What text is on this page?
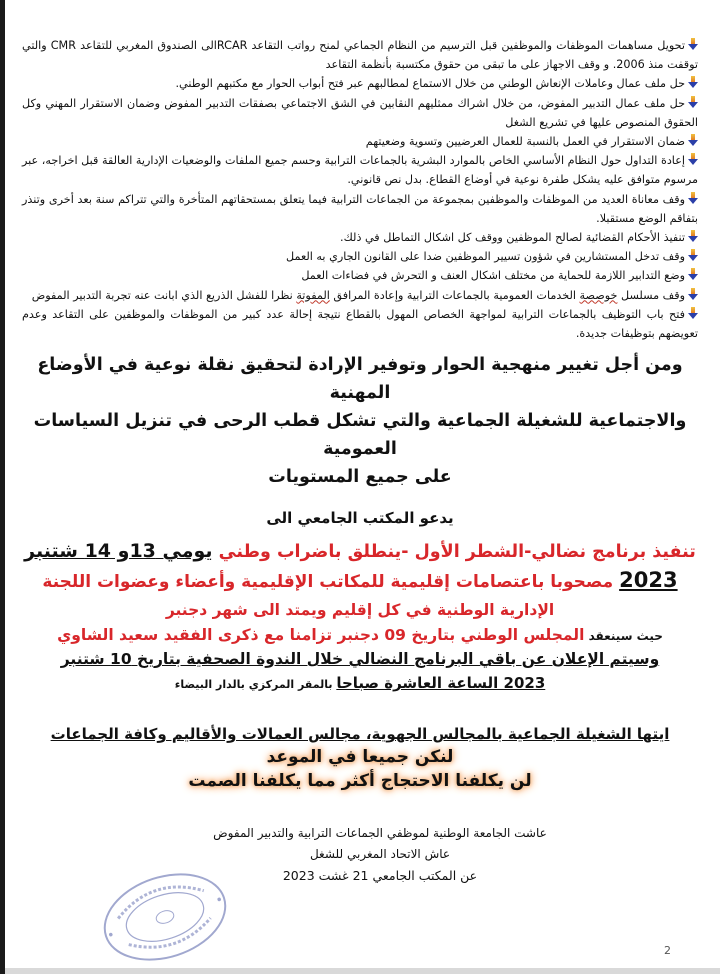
تحويل مساهمات الموظفات والموظفين قبل الترسيم من النظام الجماعي لمنح رواتب التقاعد RCARالى الصندوق المغربي للتقاعد CMR والتي توقفت منذ 2006. و وقف الاجهاز على ما تبقى من حقوق مكتسبة بأنظمة التقاعد
حل ملف عمال وعاملات الإنعاش الوطني من خلال الاستماع لمطالبهم عبر فتح أبواب الحوار مع مكتبهم الوطني.
حل ملف عمال التدبير المفوض، من خلال اشراك ممثليهم النقابين في الشق الاجتماعي بصفقات التدبير المفوض وضمان الاستقرار المهني وكل الحقوق المنصوص عليها في تشريع الشغل
ضمان الاستقرار في العمل بالنسبة للعمال العرضيين وتسوية وضعيتهم
إعادة التداول حول النظام الأساسي الخاص بالموارد البشرية بالجماعات الترابية وحسم جميع الملفات والوضعيات الإدارية العالقة قبل اخراجه، عبر مرسوم متوافق عليه يشكل طفرة نوعية في أوضاع القطاع. بدل نص قانوني.
وقف معاناة العديد من الموظفات والموظفين بمجموعة من الجماعات الترابية فيما يتعلق بمستحقاتهم المتأخرة والتي تتراكم سنة بعد أخرى وتنذر بتفاقم الوضع مستقبلا.
تنفيذ الأحكام القضائية لصالح الموظفين ووقف كل اشكال التماطل في ذلك.
وقف تدخل المستشارين في شؤون تسيير الموظفين ضدا على القانون الجاري به العمل
وضع التدابير اللازمة للحماية من مختلف اشكال العنف و التحرش في فضاءات العمل
وقف مسلسل خوصصة الخدمات العمومية بالجماعات الترابية وإعادة المرافق المفوتة نظرا للفشل الذريع الذي ابانت عنه تجربة التدبير المفوض
فتح باب التوظيف بالجماعات الترابية لمواجهة الخصاص المهول بالقطاع نتيجة إحالة عدد كبير من الموظفات والموظفين على التقاعد وعدم تعويضهم بتوظيفات جديدة.

ومن أجل تغيير منهجية الحوار وتوفير الإرادة لتحقيق نقلة نوعية في الأوضاع المهنية

والاجتماعية للشغيلة الجماعية والتي تشكل قطب الرحى في تنزيل السياسات العمومية

على جميع المستويات

يدعو المكتب الجامعي الى
تنفيذ برنامج نضالي-الشطر الأول -ينطلق باضراب وطني يومي 13و 14 شتنبر
2023 مصحوبا باعتصامات إقليمية للمكاتب الإقليمية وأعضاء وعضوات اللجنة
الإدارية الوطنية في كل إقليم ويمتد الى شهر دجنبر
حيث سينعقد المجلس الوطني بتاريخ 09 دجنبر تزامنا مع ذكرى الفقيد سعيد الشاوي
وسيتم الإعلان عن باقي البرنامج النضالي خلال الندوة الصحفية بتاريخ 10 شتنبر
2023 الساعة العاشرة صباحا بالمقر المركزي بالدار البيضاء
ايتها الشغيلة الجماعية بالمجالس الجهوية، مجالس العمالات والأقاليم وكافة الجماعات
لنكن جميعا في الموعد
لن يكلفنا الاحتجاج أكثر مما يكلفنا الصمت
عاشت الجامعة الوطنية لموظفي الجماعات الترابية والتدبير المفوض
عاش الاتحاد المغربي للشغل
عن المكتب الجامعي 21 غشت 2023
2
